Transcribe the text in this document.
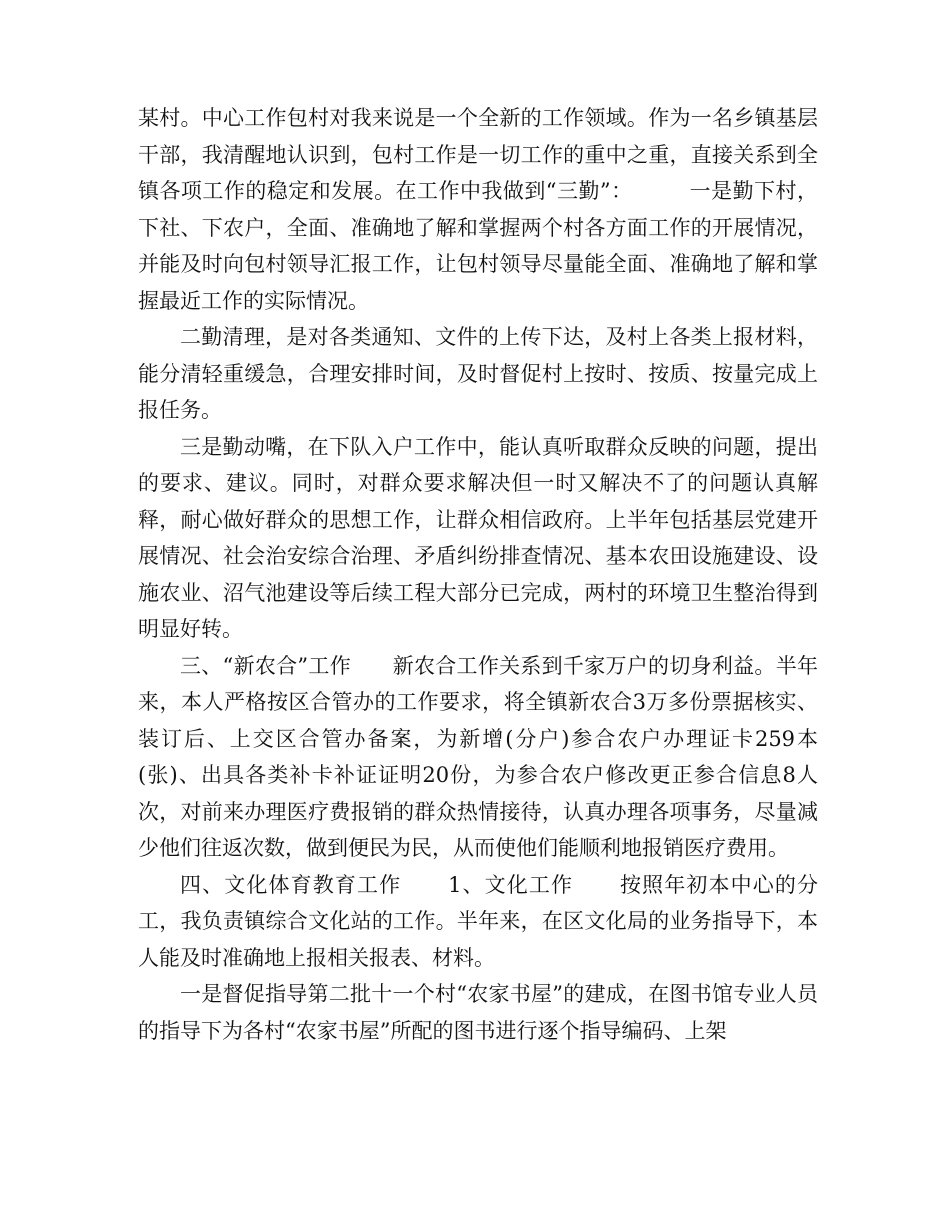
某村。中心工作包村对我来说是一个全新的工作领域。作为一名乡镇基层干部，我清醒地认识到，包村工作是一切工作的重中之重，直接关系到全镇各项工作的稳定和发展。在工作中我做到“三勤”：        一是勤下村，下社、下农户，全面、准确地了解和掌握两个村各方面工作的开展情况，并能及时向包村领导汇报工作，让包村领导尽量能全面、准确地了解和掌握最近工作的实际情况。

二勤清理，是对各类通知、文件的上传下达，及村上各类上报材料，能分清轻重缓急，合理安排时间，及时督促村上按时、按质、按量完成上报任务。

三是勤动嘴，在下队入户工作中，能认真听取群众反映的问题，提出的要求、建议。同时，对群众要求解决但一时又解决不了的问题认真解释，耐心做好群众的思想工作，让群众相信政府。上半年包括基层党建开展情况、社会治安综合治理、矛盾纠纷排查情况、基本农田设施建设、设施农业、沼气池建设等后续工程大部分已完成，两村的环境卫生整治得到明显好转。

三、“新农合”工作      新农合工作关系到千家万户的切身利益。半年来，本人严格按区合管办的工作要求，将全镇新农合3万多份票据核实、装订后、上交区合管办备案，为新增(分户)参合农户办理证卡259本(张)、出具各类补卡补证证明20份，为参合农户修改更正参合信息8人次，对前来办理医疗费报销的群众热情接待，认真办理各项事务，尽量减少他们往返次数，做到便民为民，从而使他们能顺利地报销医疗费用。

四、文化体育教育工作      1、文化工作      按照年初本中心的分工，我负责镇综合文化站的工作。半年来，在区文化局的业务指导下，本人能及时准确地上报相关报表、材料。

一是督促指导第二批十一个村“农家书屋”的建成，在图书馆专业人员的指导下为各村“农家书屋”所配的图书进行逐个指导编码、上架
